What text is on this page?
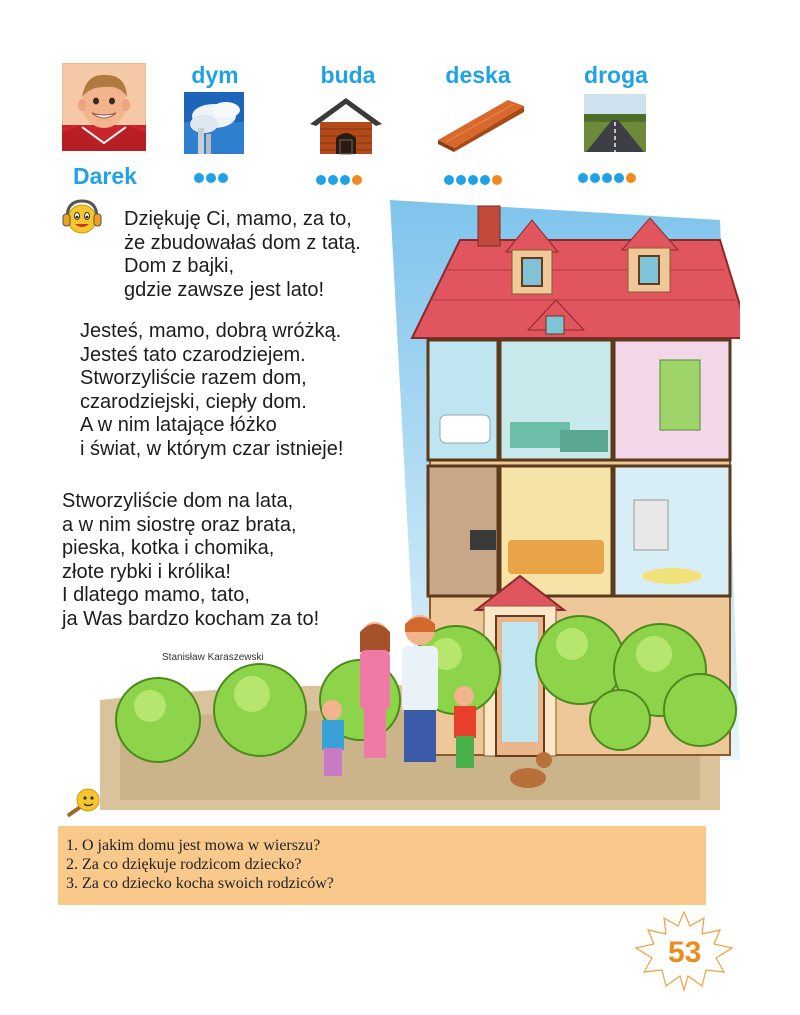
Darek
dym	buda	deska	droga
Dziękuję Ci, mamo, za to,
że zbudowałaś dom z tatą.
Dom z bajki,
gdzie zawsze jest lato!
Jesteś, mamo, dobrą wróżką.
Jesteś tato czarodziejem.
Stworzyliście razem dom,
czarodziejski, ciepły dom.
A w nim latające łóżko
i świat, w którym czar istnieje!
Stworzyliście dom na lata,
a w nim siostrę oraz brata,
pieska, kotka i chomika,
złote rybki i królika!
I dlatego mamo, tato,
ja Was bardzo kocham za to!
Stanisław Karaszewski
1. O jakim domu jest mowa w wierszu?
2. Za co dziękuje rodzicom dziecko?
3. Za co dziecko kocha swoich rodziców?
53
